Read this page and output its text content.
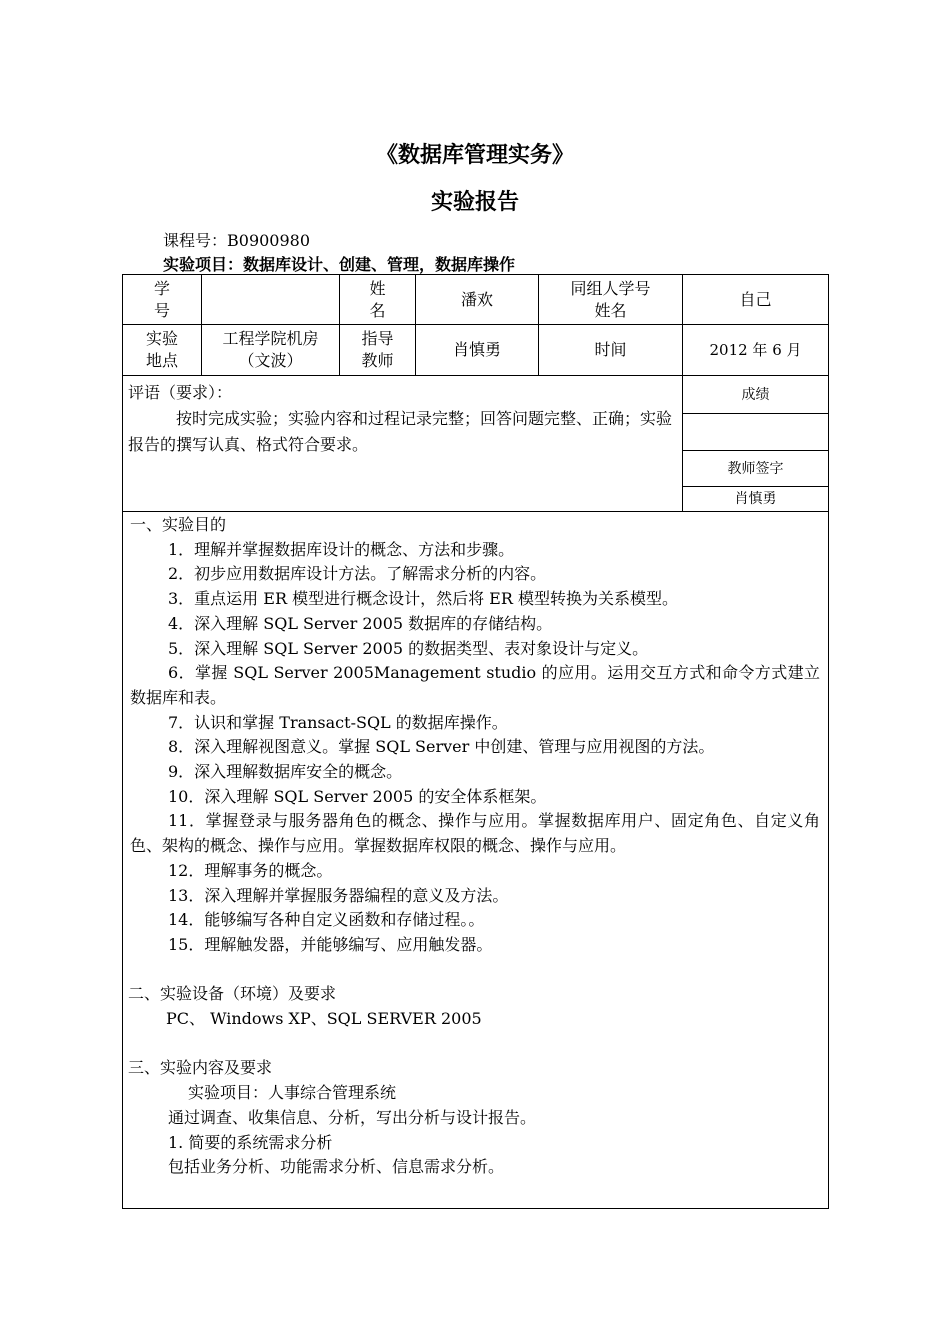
《数据库管理实务》
实验报告
课程号：B0900980
实验项目：数据库设计、创建、管理，数据库操作
学
号
姓
名
潘欢
同组人学号
姓名
自己
实验
地点
工程学院机房
（文波）
指导
教师
肖慎勇	时间	2012 年 6 月
评语（要求）：
按时完成实验；实验内容和过程记录完整；回答问题完整、正确；实验报告的撰写认真、格式符合要求。
成绩
教师签字
肖慎勇

一、实验目的

1．理解并掌握数据库设计的概念、方法和步骤。

2．初步应用数据库设计方法。了解需求分析的内容。

3．重点运用 ER 模型进行概念设计，然后将 ER 模型转换为关系模型。

4．深入理解 SQL Server 2005 数据库的存储结构。

5．深入理解 SQL Server 2005 的数据类型、表对象设计与定义。

6．掌握 SQL Server 2005Management studio 的应用。运用交互方式和命令方式建立数据库和表。

7．认识和掌握 Transact-SQL 的数据库操作。

8．深入理解视图意义。掌握 SQL Server 中创建、管理与应用视图的方法。

9．深入理解数据库安全的概念。

10．深入理解 SQL Server 2005 的安全体系框架。

11．掌握登录与服务器角色的概念、操作与应用。掌握数据库用户、固定角色、自定义角色、架构的概念、操作与应用。掌握数据库权限的概念、操作与应用。

12．理解事务的概念。

13．深入理解并掌握服务器编程的意义及方法。

14．能够编写各种自定义函数和存储过程。。

15．理解触发器，并能够编写、应用触发器。

二、实验设备（环境）及要求

PC、 Windows XP、SQL SERVER 2005

三、实验内容及要求

实验项目：人事综合管理系统

通过调查、收集信息、分析，写出分析与设计报告。

1. 简要的系统需求分析

包括业务分析、功能需求分析、信息需求分析。
